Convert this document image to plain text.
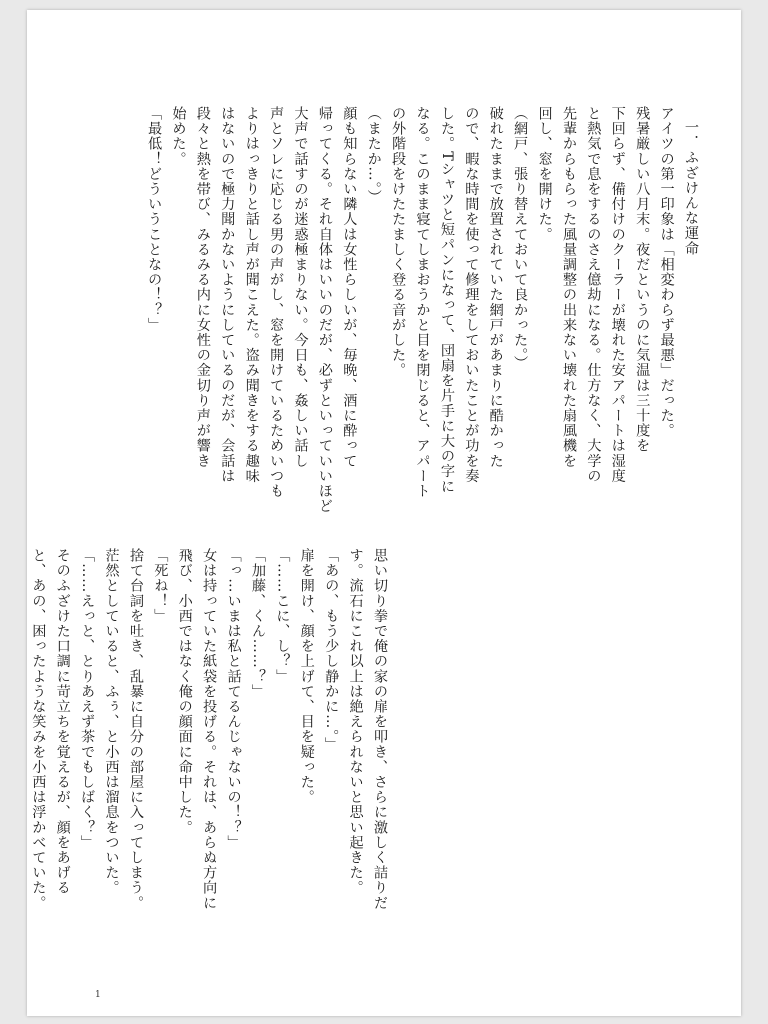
一．ふざけんな運命

アイツの第一印象は「相変わらず最悪」だった。

残暑厳しい八月末。夜だというのに気温は三十度を

下回らず、備付けのクーラーが壊れた安アパートは湿度

と熱気で息をするのさえ億劫になる。仕方なく、大学の

先輩からもらった風量調整の出来ない壊れた扇風機を

回し、窓を開けた。

（網戸、張り替えておいて良かった。）

破れたままで放置されていた網戸があまりに酷かった

ので、暇な時間を使って修理をしておいたことが功を奏

した。Tシャツと短パンになって、団扇を片手に大の字に

なる。このまま寝てしまおうかと目を閉じると、アパート

の外階段をけたたましく登る音がした。

（またか…。）

顔も知らない隣人は女性らしいが、毎晩、酒に酔って

帰ってくる。それ自体はいいのだが、必ずといっていいほど

大声で話すのが迷惑極まりない。今日も、姦しい話し

声とソレに応じる男の声がし、窓を開けているためいつも

よりはっきりと話し声が聞こえた。盗み聞きをする趣味

はないので極力聞かないようにしているのだが、会話は

段々と熱を帯び、みるみる内に女性の金切り声が響き

始めた。

「最低！どういうことなの！？」

思い切り拳で俺の家の扉を叩き、さらに激しく詰りだ

す。流石にこれ以上は絶えられないと思い起きた。

「あの、もう少し静かに…。」

扉を開け、顔を上げて、目を疑った。

「……こに、し？」

「加藤、くん……？」

「っ…いまは私と話てるんじゃないの！？」

女は持っていた紙袋を投げる。それは、あらぬ方向に

飛び、小西ではなく俺の顔面に命中した。

「死ね！」

捨て台詞を吐き、乱暴に自分の部屋に入ってしまう。

茫然としていると、ふぅ、と小西は溜息をついた。

「……えっと、とりあえず茶でもしばく？」

そのふざけた口調に苛立ちを覚えるが、顔をあげる

と、あの、困ったような笑みを小西は浮かべていた。

1
